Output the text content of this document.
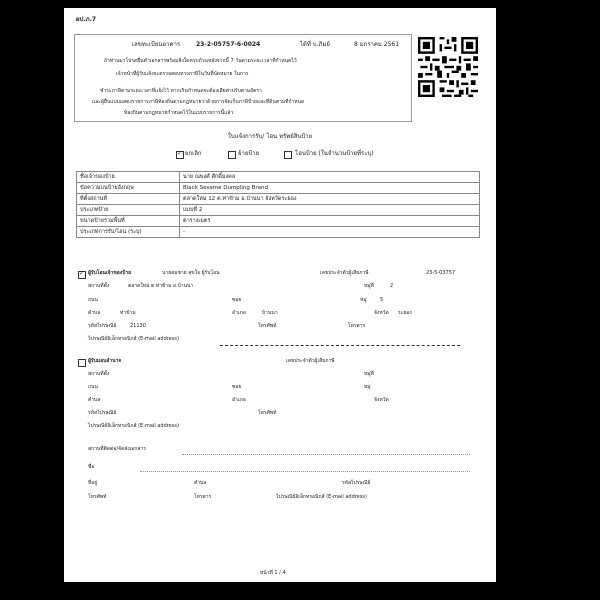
ผป.ภ.7
เลขทะเบียนอาคาร	23-2-05757-6-0024	ได้ที่ บ.ภิมย์	8 มกราคม 2561
ถ้าท่านมาโปรดยื่นคำเอกสารพร้อมสิ่งใดครบถ้วนหลังจากนี้ 7 วันตามระยะเวลาที่กำหนดไว้
เจ้าหน้าที่ผู้รับแจ้งจะตรวจสอบทางภาษีในวันที่นัดหมาย ในการ
ชำระภาษีตามระยะเวลาที่แจ้งไว้ หากเกินกำหนดจะต้องเสียค่าปรับตามอัตรา
และผู้ยื่นแบบแสดงรายการภาษีท้องถิ่นตามกฎหมายว่าด้วยการจัดเก็บภาษีป้ายและที่ดินตามที่กำหนด
ท้องถิ่นตามกฎหมายกำหนดไว้ในแบบรายการนี้แล้ว
ใบแจ้งการรับ/ โอน ทรัพย์สินป้าย
✓
ยกเลิก	ย้ายป้าย	โอนป้าย (ในจำนวนป้ายที่ระบุ)
ชื่อเจ้าของป้าย	นาย ณพงศ์ ศักดิ์มงคล
ข้อความบนป้ายอังกฤษ	Black Sesame Dumpling Brand
ที่ตั้งสถานที่	ตลาดใหม่ 12 ต.ท่าข้าม อ.บ้านนา จังหวัดระยอง
ประเภทป้าย	แบบที่ 2
ขนาดป้ายรวมพื้นที่	ตารางเมตร
ประเภทการรับ/โอน (ระบุ)	-
✓
ผู้รับโอนเจ้าของป้าย	นายสมชาย สุขใจ ผู้รับโอน	เลขประจำตัวผู้เสียภาษี	23-5-03757
สถานที่ตั้ง	ตลาดใหม่ ต.ท่าข้าม อ.บ้านนา	หมู่ที่	2
ถนน	ซอย	หมู่	5
ตำบล	ท่าข้าม	อำเภอ	บ้านนา	จังหวัด ระยอง
รหัสไปรษณีย์	21130	โทรศัพท์	โทรสาร
ไปรษณีย์อิเล็กทรอนิกส์ (E-mail address)
ผู้รับมอบอำนาจ	เลขประจำตัวผู้เสียภาษี
สถานที่ตั้ง	หมู่ที่
ถนน	ซอย	หมู่
ตำบล	อำเภอ	จังหวัด
รหัสไปรษณีย์	โทรศัพท์
ไปรษณีย์อิเล็กทรอนิกส์ (E-mail address)
สถานที่ติดต่อ/จัดส่งเอกสาร
ชื่อ
ที่อยู่	ตำบล	รหัสไปรษณีย์
โทรศัพท์	โทรสาร	ไปรษณีย์อิเล็กทรอนิกส์ (E-mail address)
หน้าที่ 1 / 4
